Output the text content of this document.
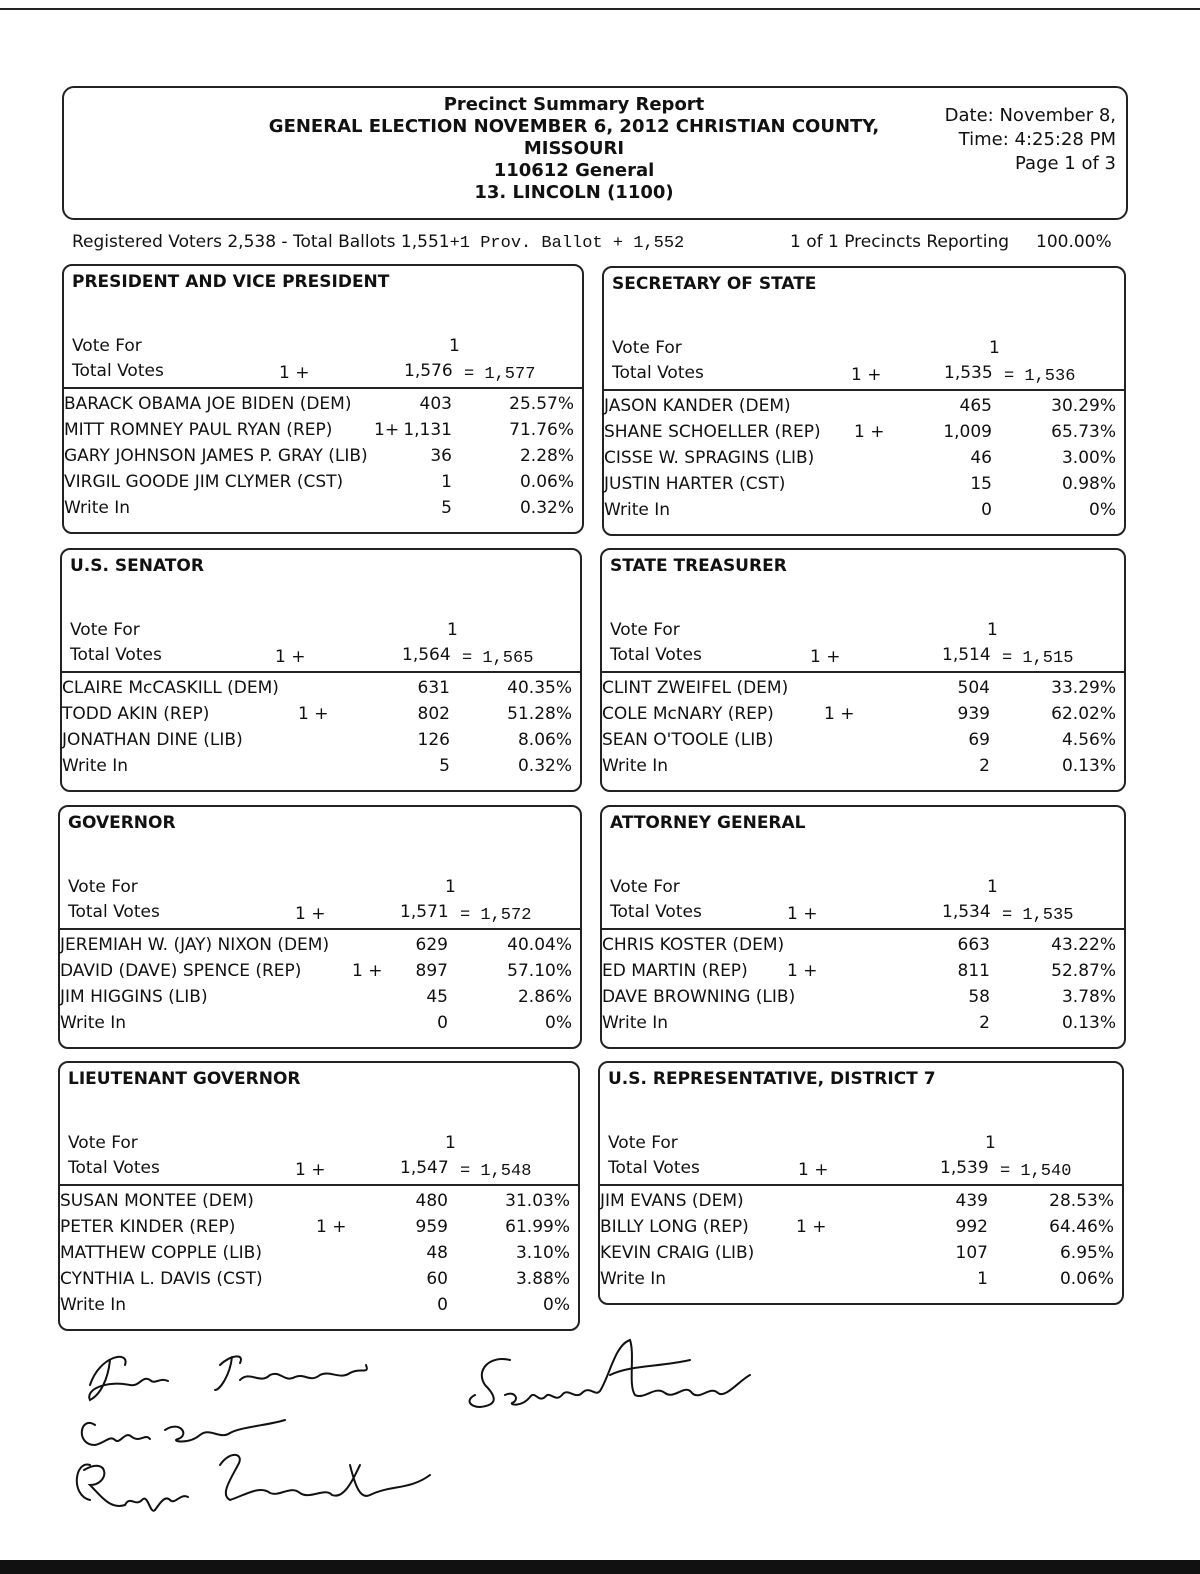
Precinct Summary Report
GENERAL ELECTION NOVEMBER 6, 2012 CHRISTIAN COUNTY,
MISSOURI
110612 General
13. LINCOLN (1100)
Date: November 8,
Time: 4:25:28 PM
Page 1 of 3
Registered Voters 2,538 - Total Ballots 1,551+1 Prov. Ballot + 1,552	1 of 1 Precincts Reporting 100.00%
PRESIDENT AND VICE PRESIDENT
Vote For	1
Total Votes	1 +	1,576 = 1,577
BARACK OBAMA JOE BIDEN (DEM)	403	25.57%
MITT ROMNEY PAUL RYAN (REP) 1+ 1,131	71.76%
GARY JOHNSON JAMES P. GRAY (LIB)	36	2.28%
VIRGIL GOODE JIM CLYMER (CST)	1	0.06%
Write In	5	0.32%
SECRETARY OF STATE
Vote For	1
Total Votes	1 +	1,535 = 1,536
JASON KANDER (DEM)	465	30.29%
SHANE SCHOELLER (REP) 1 +	1,009	65.73%
CISSE W. SPRAGINS (LIB)	46	3.00%
JUSTIN HARTER (CST)	15	0.98%
Write In	0	0%
U.S. SENATOR
Vote For	1
Total Votes	1 +	1,564 = 1,565
CLAIRE McCASKILL (DEM)	631	40.35%
TODD AKIN (REP)	1 +	802	51.28%
JONATHAN DINE (LIB)	126	8.06%
Write In	5	0.32%
STATE TREASURER
Vote For	1
Total Votes	1 +	1,514 = 1,515
CLINT ZWEIFEL (DEM)	504	33.29%
COLE McNARY (REP)	1 +	939	62.02%
SEAN O'TOOLE (LIB)	69	4.56%
Write In	2	0.13%
GOVERNOR
Vote For	1
Total Votes	1 +	1,571 = 1,572
JEREMIAH W. (JAY) NIXON (DEM)	629	40.04%
DAVID (DAVE) SPENCE (REP)	1 + 897	57.10%
JIM HIGGINS (LIB)	45	2.86%
Write In	0	0%
ATTORNEY GENERAL
Vote For	1
Total Votes	1 +	1,534 = 1,535
CHRIS KOSTER (DEM)	663	43.22%
ED MARTIN (REP) 1 +	811	52.87%
DAVE BROWNING (LIB)	58	3.78%
Write In	2	0.13%
LIEUTENANT GOVERNOR
Vote For	1
Total Votes	1 +	1,547 = 1,548
SUSAN MONTEE (DEM)	480	31.03%
PETER KINDER (REP)	1 +	959	61.99%
MATTHEW COPPLE (LIB)	48	3.10%
CYNTHIA L. DAVIS (CST)	60	3.88%
Write In	0	0%
U.S. REPRESENTATIVE, DISTRICT 7
Vote For	1
Total Votes	1 +	1,539 = 1,540
JIM EVANS (DEM)	439	28.53%
BILLY LONG (REP)	1 +	992	64.46%
KEVIN CRAIG (LIB)	107	6.95%
Write In	1	0.06%
